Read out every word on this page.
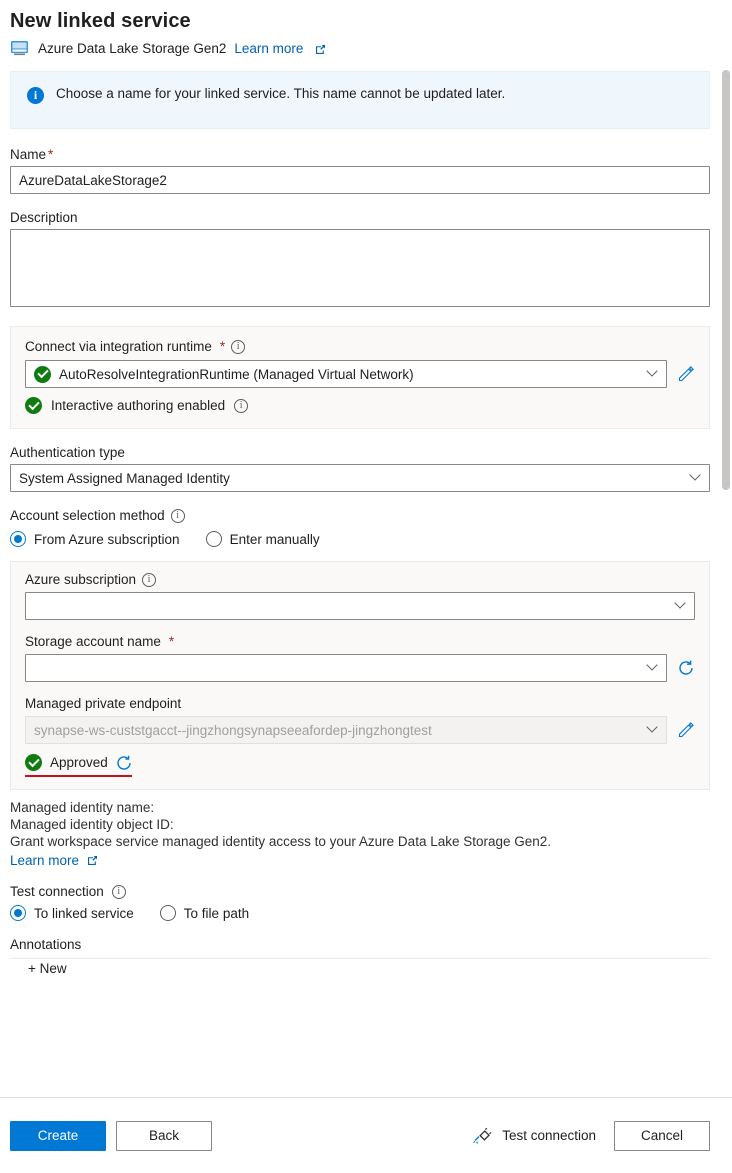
New linked service
Azure Data Lake Storage Gen2 Learn more
i	Choose a name for your linked service. This name cannot be updated later.
Name *
AzureDataLakeStorage2
Description
Connect via integration runtime *	i
AutoResolveIntegrationRuntime (Managed Virtual Network)
Interactive authoring enabled	i
Authentication type
System Assigned Managed Identity
Account selection method	i
From Azure subscription	Enter manually
Azure subscription	i
Storage account name *
Managed private endpoint
synapse-ws-custstgacct--jingzhongsynapseeafordep-jingzhongtest
Approved
Managed identity name:
Managed identity object ID:
Grant workspace service managed identity access to your Azure Data Lake Storage Gen2.
Learn more
Test connection	i
To linked service	To file path
Annotations
+ New
Create	Back	Test connection	Cancel
